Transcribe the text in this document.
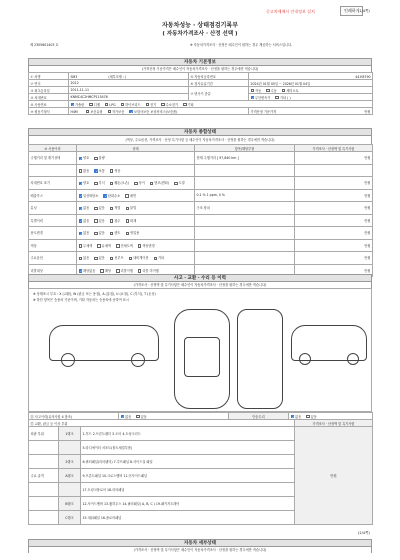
중고차매매시 안내정보 설치	인쇄하기
(1/4쪽)
자동차성능 · 상태점검기록부
( 자동차가격조사 · 산정 선택 )
제 2305601403 호	※ 자동차가격조사 · 산정은 매수인이 원하는 경우 제공하는 서비스입니다.
자동차 기본정보
(가격산정 기준가격은 매수인이 자동차가격조사 · 산정을 원하는 경우에만 적습니다)
① 차명	SM3 (세부모델 : )	⑤ 자동차등록번호	44보8790
② 연식	2012	⑥ 검사유효기간	2024년 01월 05일 ~ 2026년 01월 04일
③ 최초등록일	2011-11-11	⑦ 변속기 종류	자동 수동 세미오토
④ 차대번호	KNMC4C2HMCP115476	✓무단변속기 기타 ( )
⑧ 사용연료	✓가솔린 디젤 LPG 하이브리드 전기 수소전기 기타
⑨ 원동기형식	H4M 보증유형 자가보증 ✓ 보험사보증 보상서비스(보증품)		가격산정 기준가격 만원
자동차 종합상태
(색상, 주요옵션, 가격조사 · 산정 특기사항 등 매수인이 자동차가격조사 · 산정을 원하는 경우에만 적습니다)
⑩ 사용이력	상태	항목/해당부품	가격조사 · 산정액 및 특기사항
주행거리 및 계기상태	✓양호 불량	현재 주행거리 [ 97,840 km ]	만원
	많음 ✓ 보통 적음		
차대번호 표기	✓양호 부식 훼손(오손) 상이 변조(변타) 도말		만원
배출가스	✓일산화탄소 ✓ 탄화수소 매연	0.1 % 1 ppm, 0 %	만원
튜닝	✓없음 있음 적법 불법	구조 장치	만원
특별이력	✓없음 있음 침수 화재		만원
용도변경	✓없음 있음 렌트 영업용		만원
색상	무채색 유채색 전체도색 색상변경		만원
주요옵션	없음 있음 선루프 내비게이션 기타		만원
리콜대상	✓해당없음 해당 리콜이행 리콜 미이행		만원
사고 · 교환 · 수리 등 이력
(가격조사 · 산정액 및 특기사항은 매수인이 자동차가격조사 · 산정을 원하는 경우에만 적습니다)
※ 상태표시 부호 : X (교환), W (판금 또는 용접), A (흠집), U (요철), C (부식), T (손상)
※ 하단 항목은 승용차 기준이며, 기타 자동차는 승용차에 준하여 표시
⑪ 사고이력(유의사항 4 참조)	✓없음	있음	단순수리	✓없음	있음
⑫ 교환, 판금 등 이상 부위			가격조사 · 산정액 및 특기사항
외판 부위	1랭크	1.후드 2.프론트펜더 3.도어 4.트렁크리드	만원
		5.라디에이터 서포트(볼트체결부품)	
	2랭크	6.쿼터패널(리어펜더) 7.루프패널 8.사이드실 패널	
주요 골격	A랭크	9.프론트패널 10.크로스멤버 11.인사이드패널	
		17.트렁크플로어 18.리어패널	
	B랭크	12.사이드멤버 13.휠하우스 14.필러패널( A, B, C ) 19.패키지트레이	
	C랭크	15.대쉬패널 16.플로어패널	
(2/4쪽)
자동차 세부상태
(가격조사 · 산정액 및 특기사항은 매수인이 자동차가격조사 · 산정을 원하는 경우에만 적습니다)
